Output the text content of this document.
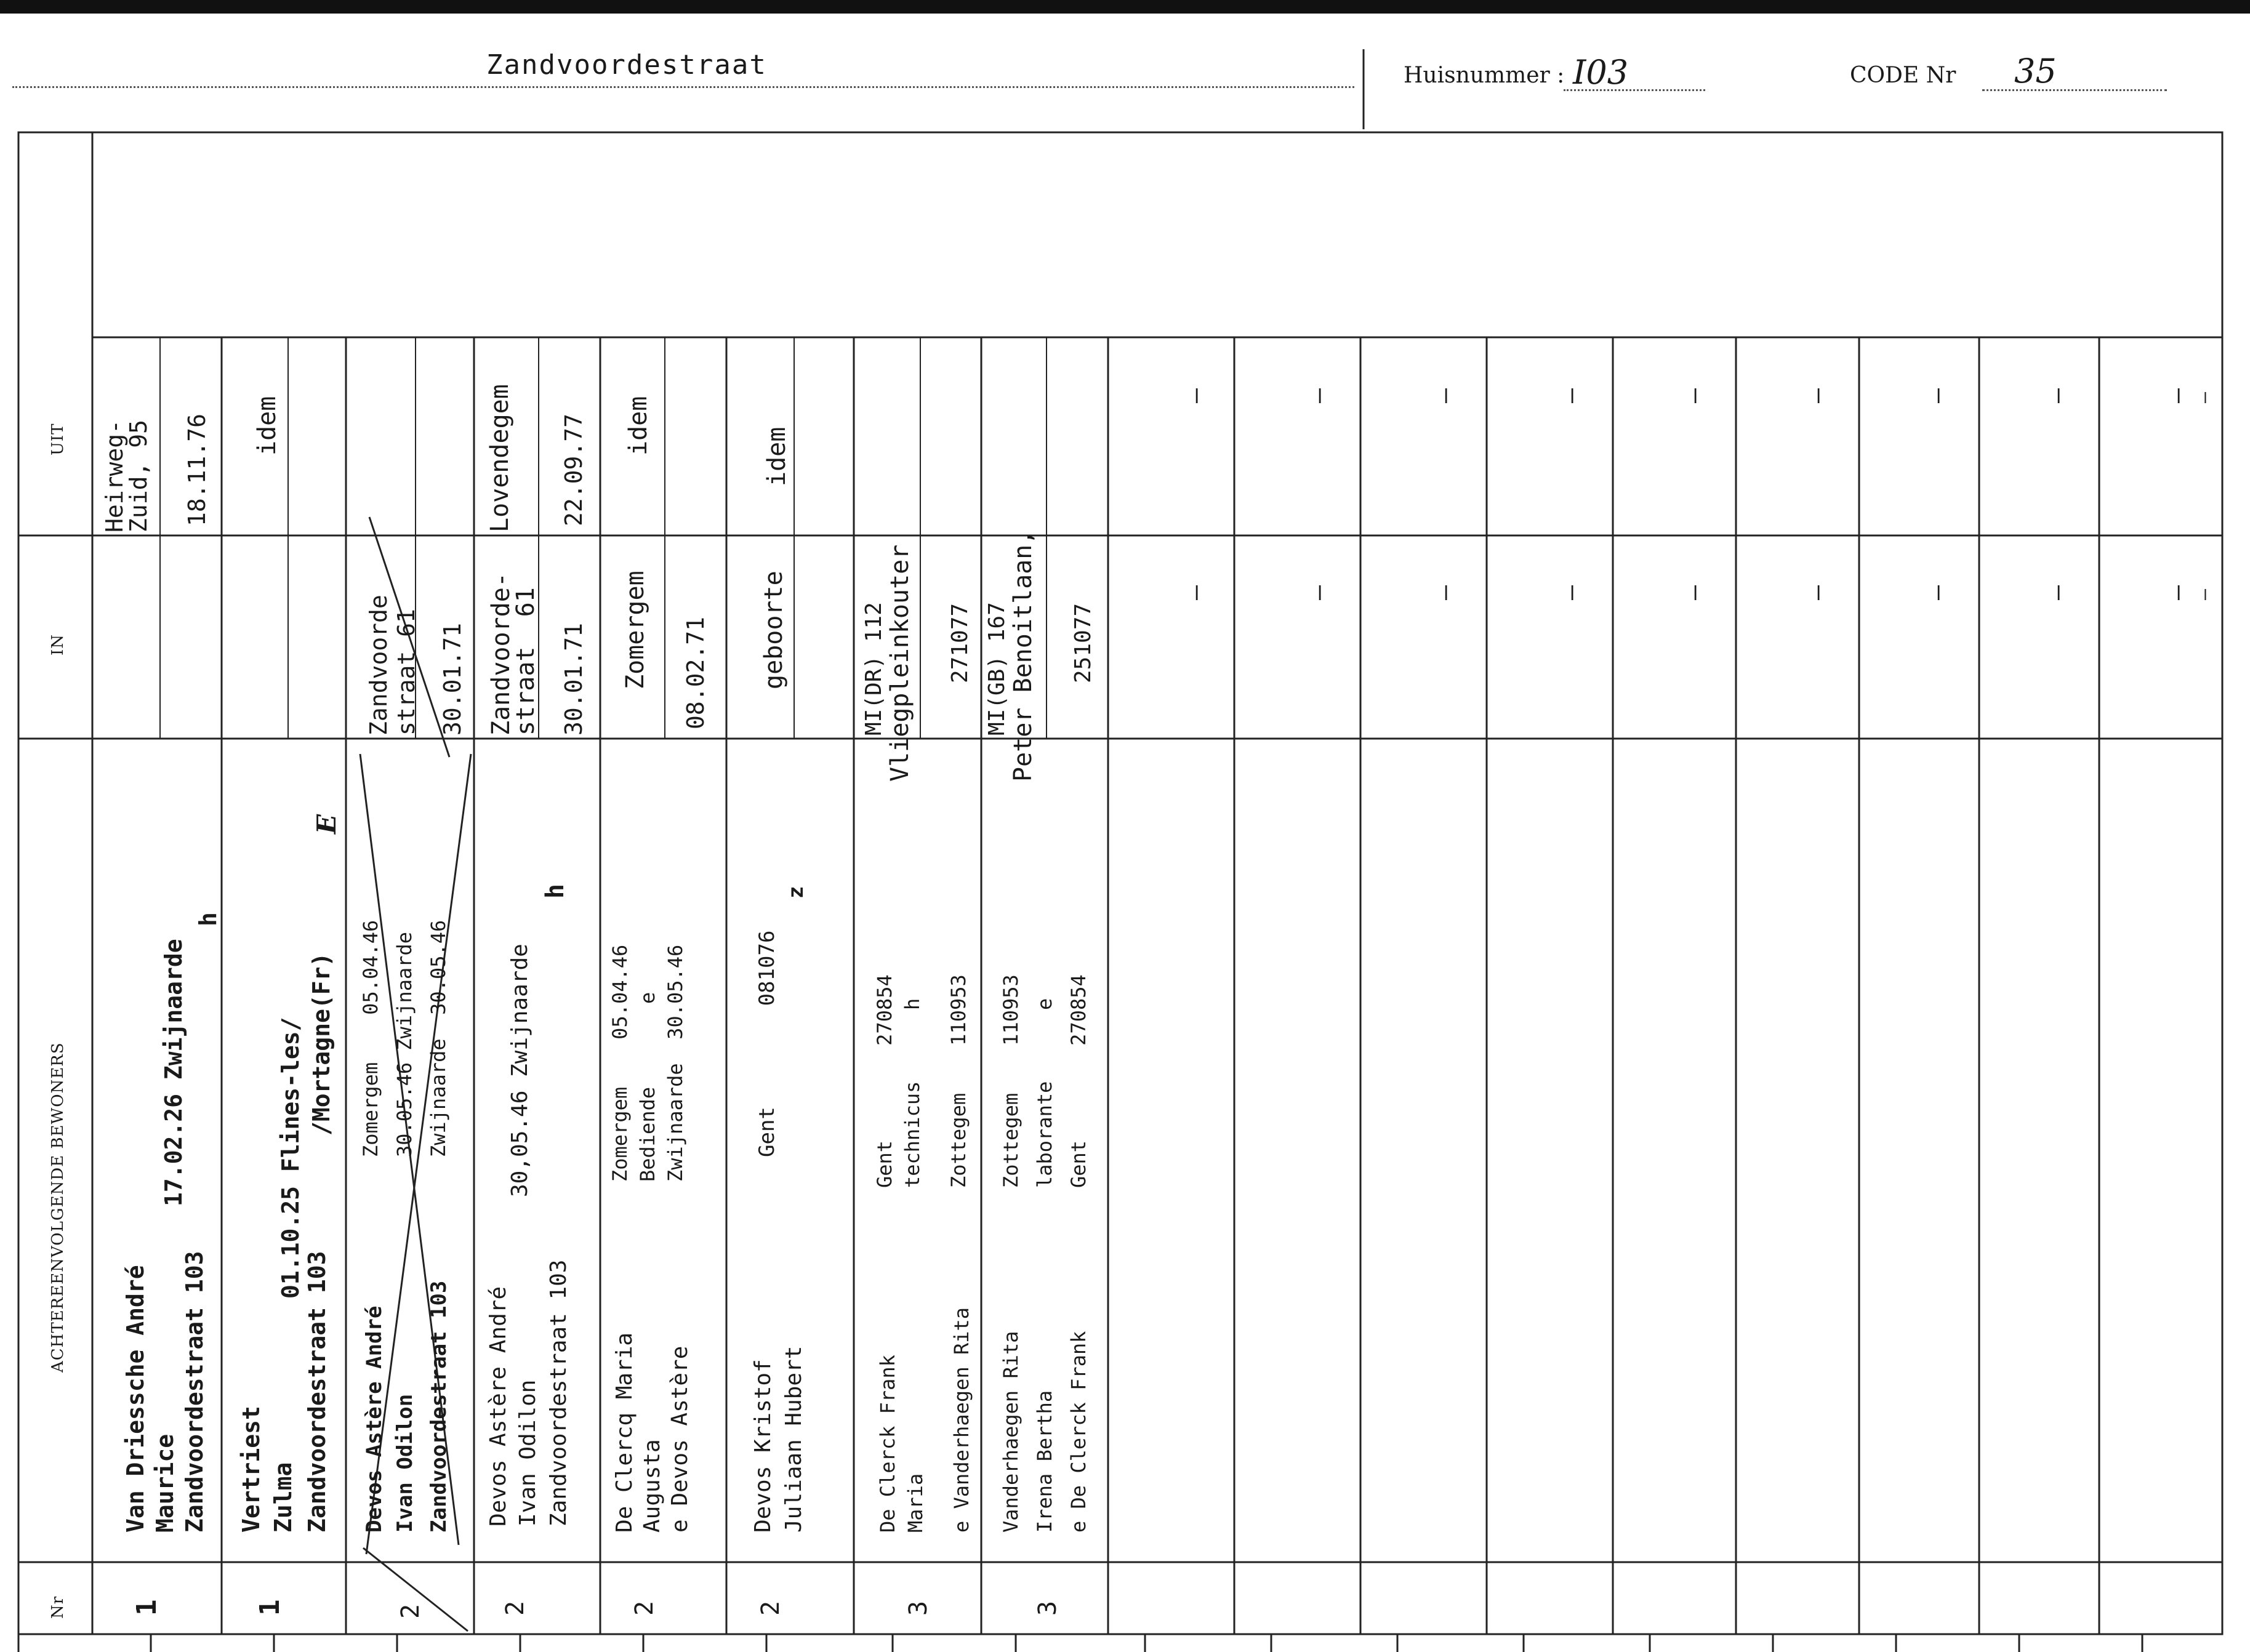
Zandvoordestraat	Huisnummer : I03	CODE Nr 35
Nr
ACHTEREENVOLGENDE BEWONERS
IN
UIT
1
Van Driessche André Maurice Zandvoordestraat 103
17.02.26 Zwijnaarde
h
Heirweg-
Zuid, 95 18.11.76
1
Vertriest Zulma Zandvoordestraat 103
01.10.25 Flines-les/ /Mortagne(Fr)
E
idem
2
Devos Astère André Ivan Odilon Zandvoordestraat 103
Zomergem    05.04.46 30.05.46 Zwijnaarde Zwijnaarde  30.05.46
Zandvoorde straat 61 30.01.71
2
Devos Astère André Ivan Odilon Zandvoordestraat 103
30,05.46 Zwijnaarde
h
Zandvoorde-
straat  61 30.01.71
Lovendegem 22.09.77
2
De Clercq Maria Augusta e Devos Astère
Zomergem    05.04.46 Bediende       e Zwijnaarde  30.05.46
Zomergem 08.02.71
idem
2
Devos Kristof Juliaan Hubert
Gent        081076
z
geboorte
idem
3
De Clerck Frank Maria e Vanderhaegen Rita
Gent        270854 technicus      h Zottegem    110953
MI(DR) 112 Vliegpleinkouter 271077
3
Vanderhaegen Rita Irena Bertha e De Clerck Frank
Zottegem    110953 laborante      e Gent        270854
MI(GB) 167 Peter Benoitlaan, 251077
—
—
—
—
—
—
—
—
—
—
—
—
—
—
—
—
—
—
—
—
